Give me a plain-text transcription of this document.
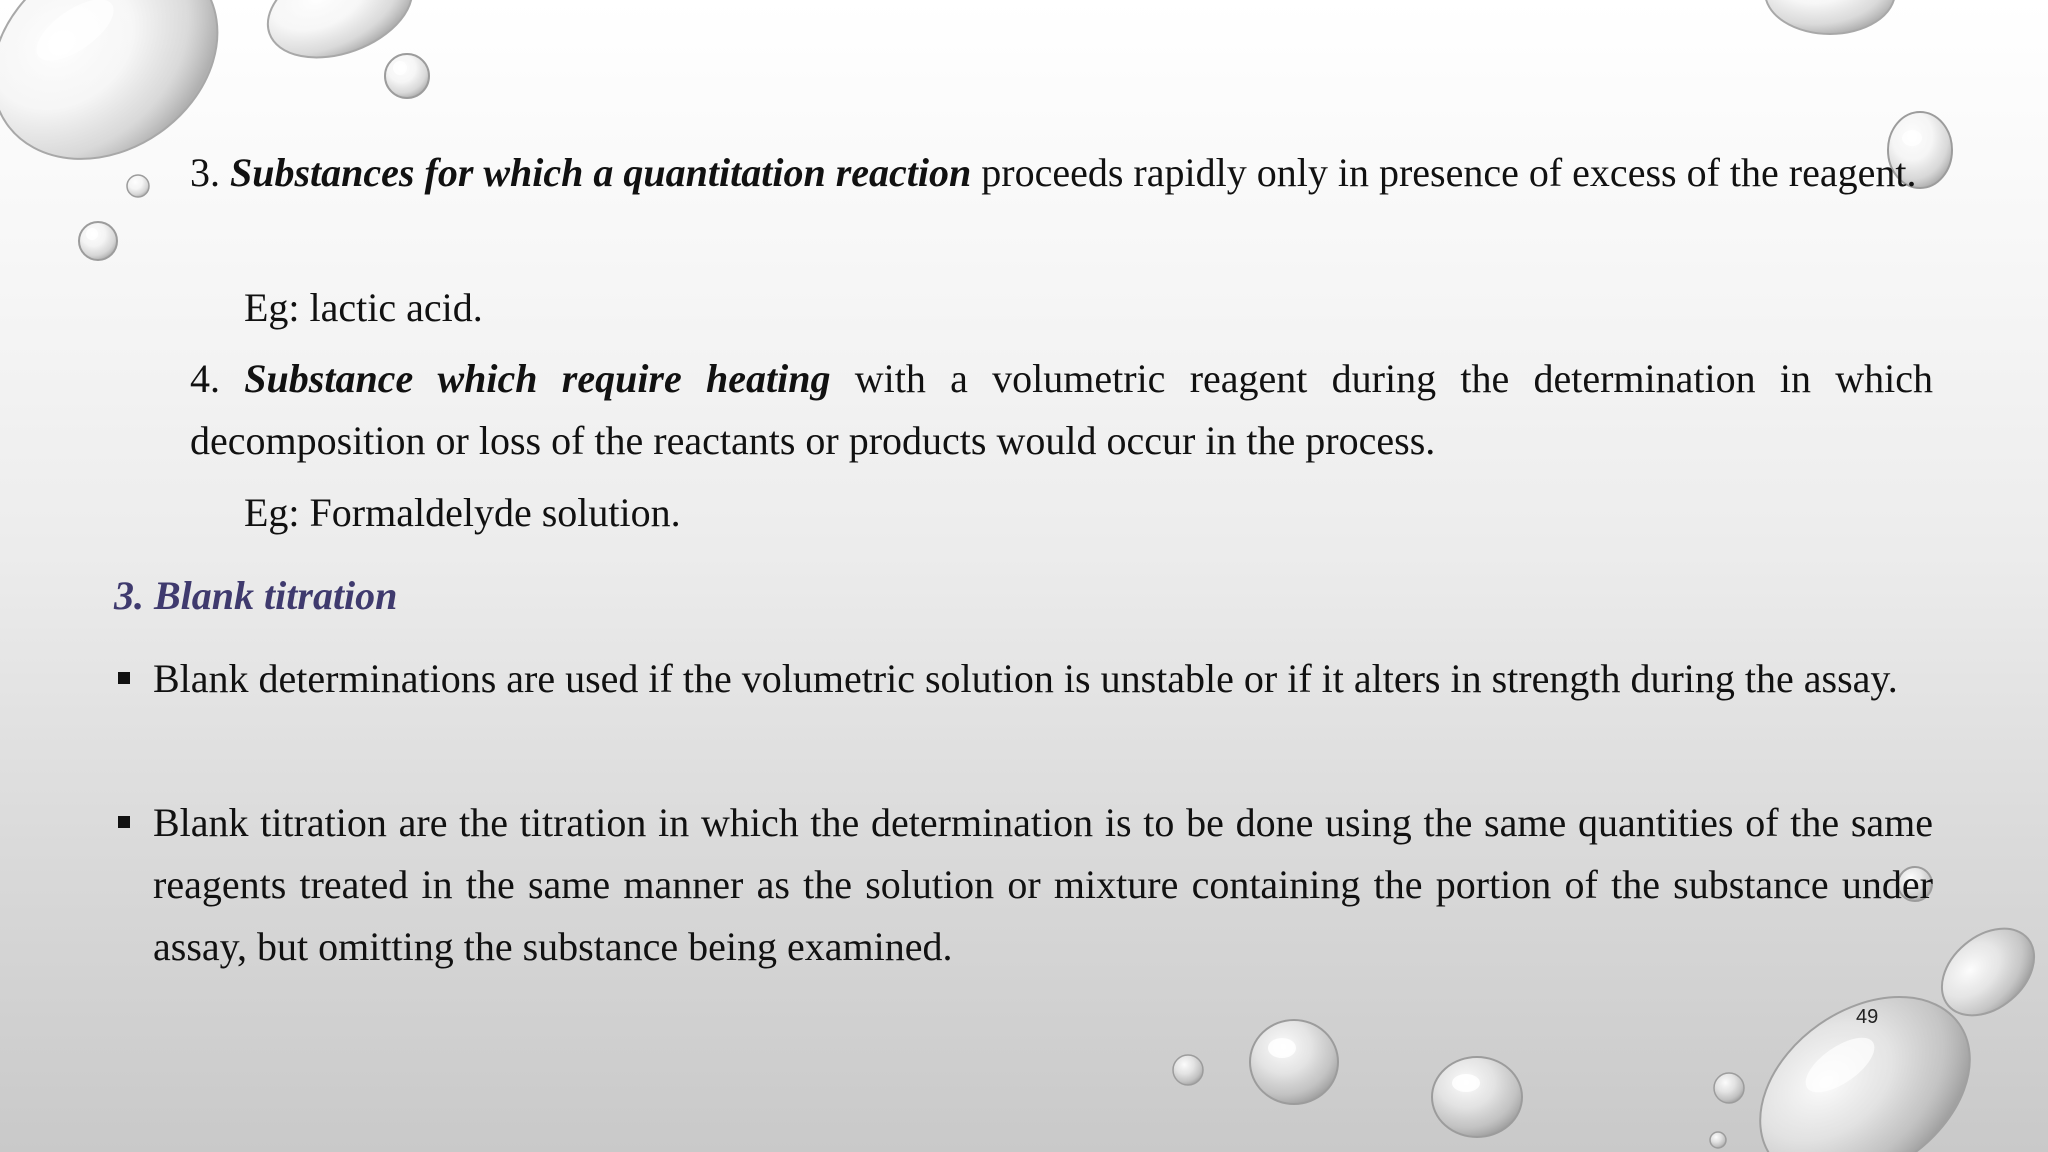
3. Substances for which a quantitation reaction proceeds rapidly only in presence of excess of the reagent.
Eg: lactic acid.
4. Substance which require heating with a volumetric reagent during the determination in which decomposition or loss of the reactants or products would occur in the process.
Eg: Formaldelyde solution.
3. Blank titration
Blank determinations are used if the volumetric solution is unstable or if it alters in strength during the assay.
Blank titration are the titration in which the determination is to be done using the same quantities of the same reagents treated in the same manner as the solution or mixture containing the portion of the substance under assay, but omitting the substance being examined.
49
